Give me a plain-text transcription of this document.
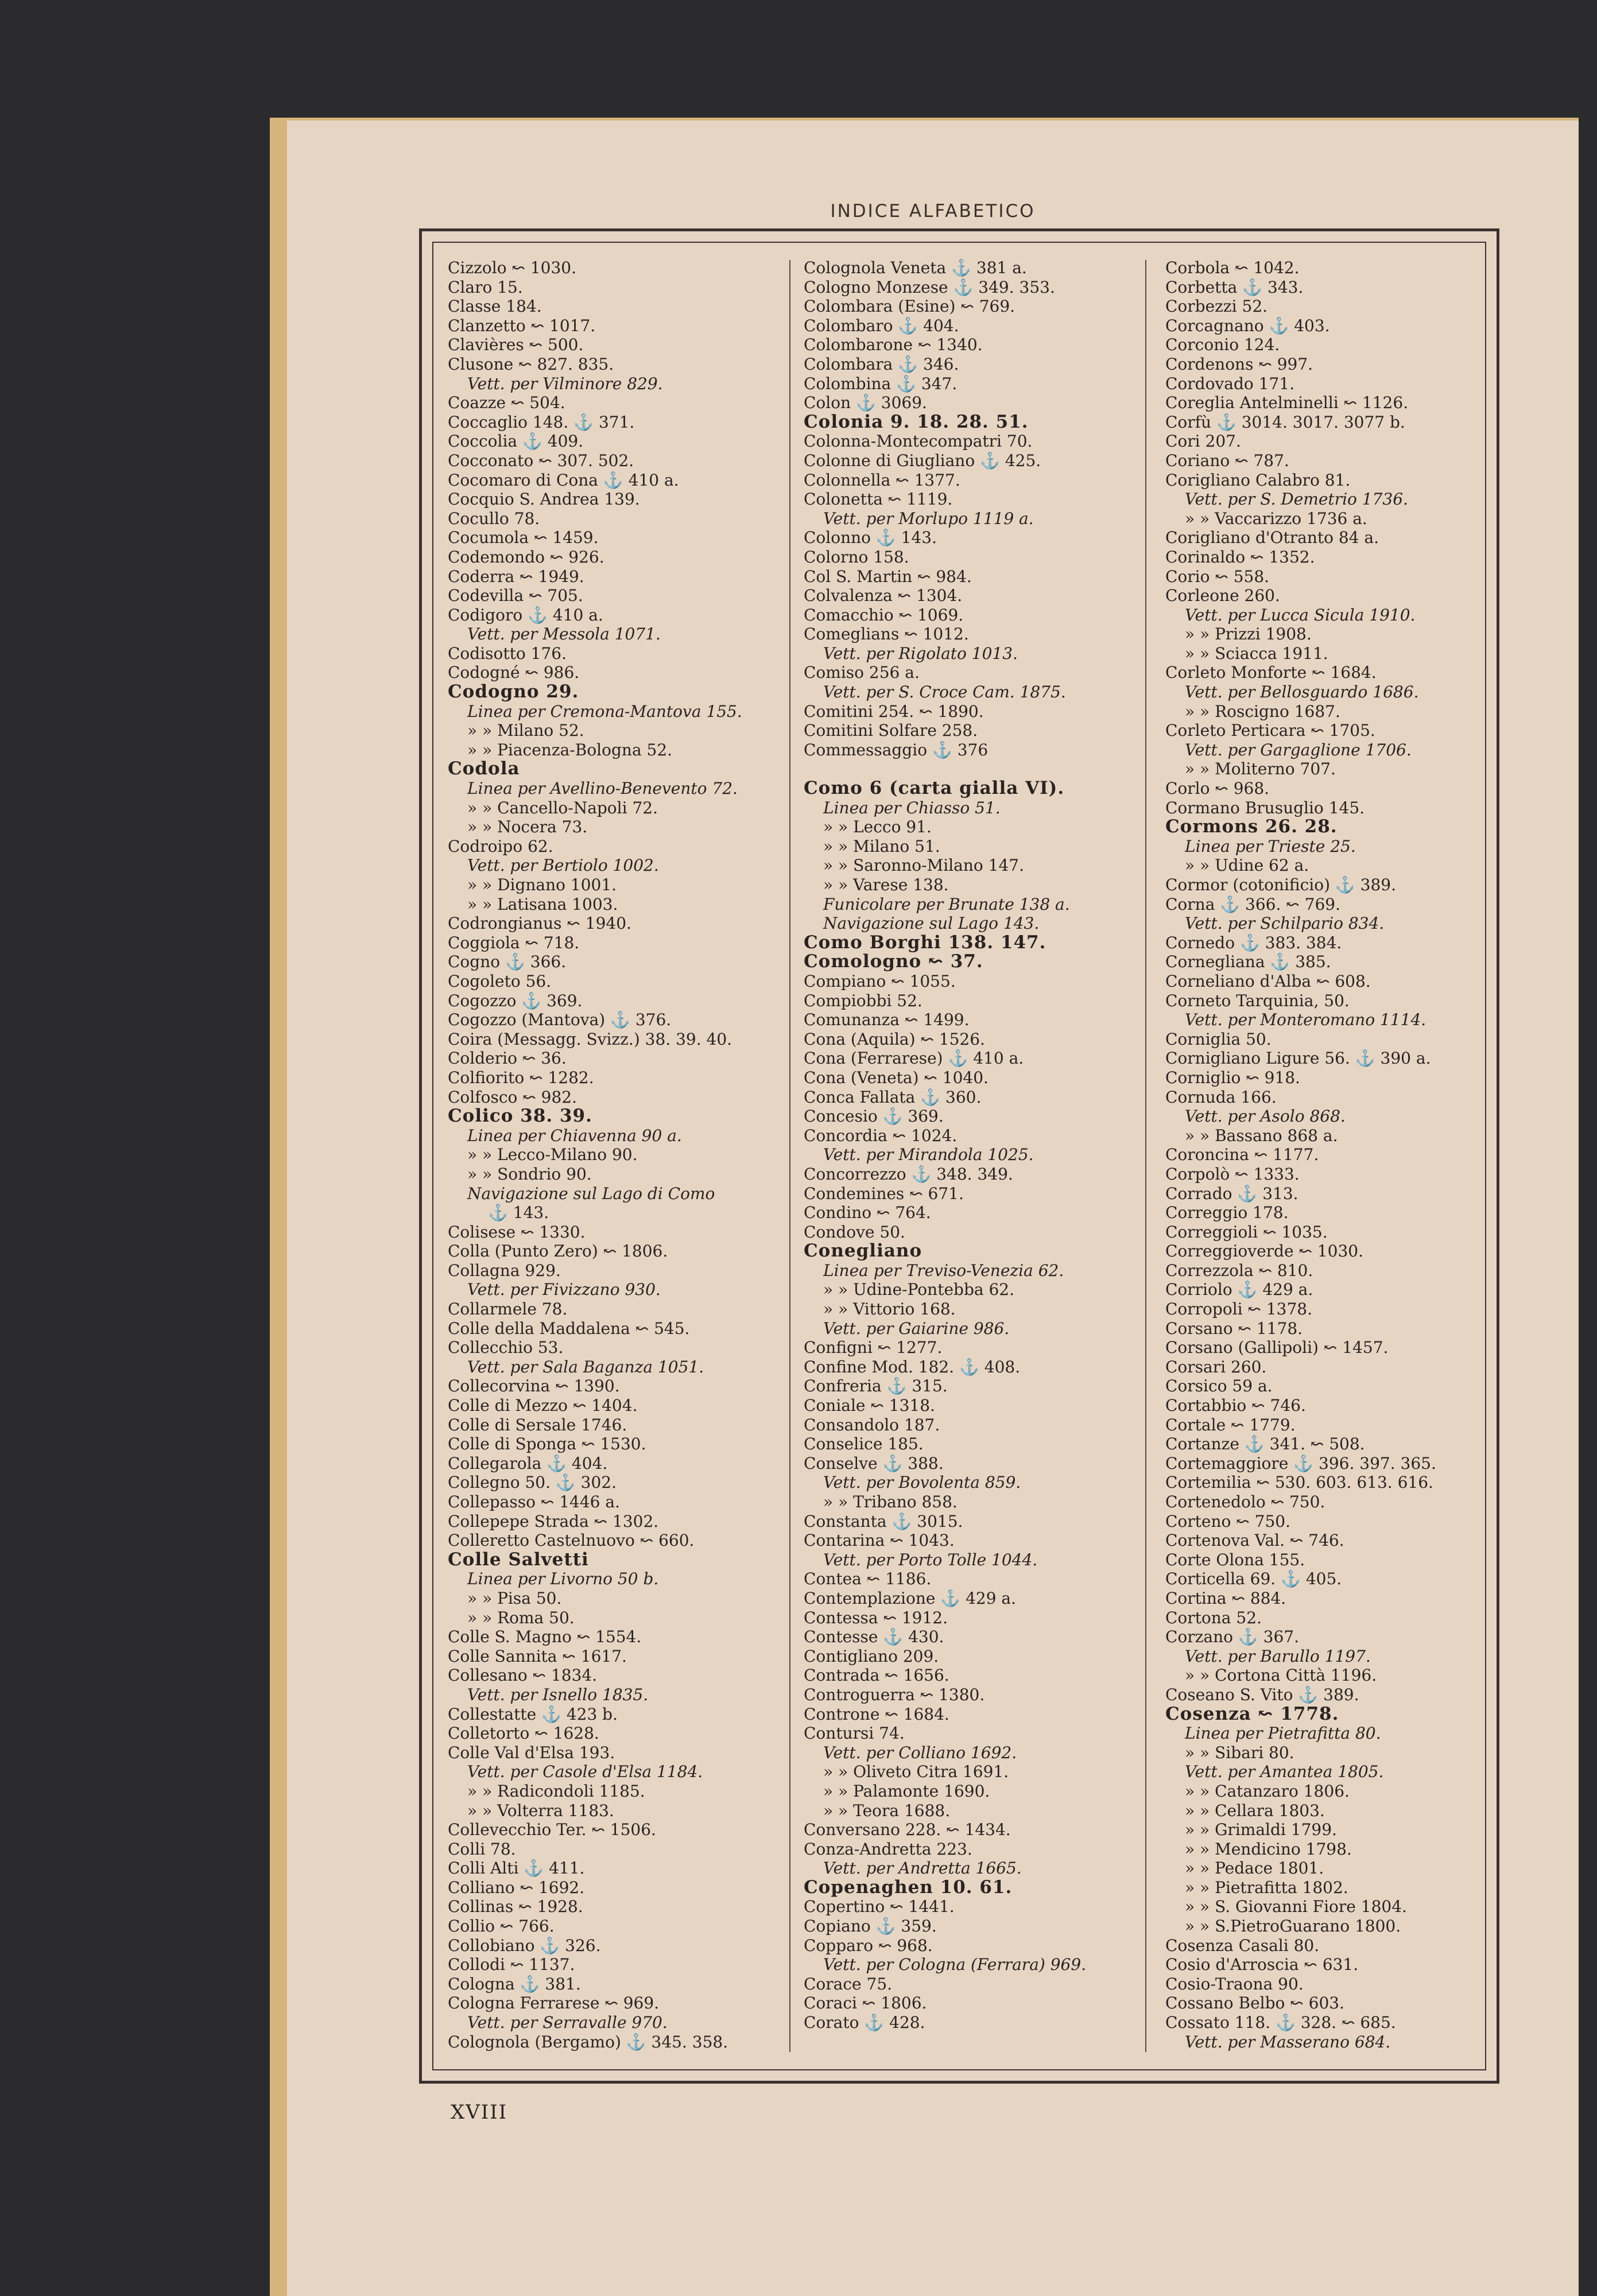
INDICE ALFABETICO
Cizzolo ↜ 1030.
Claro 15.
Classe 184.
Clanzetto ↜ 1017.
Clavières ↜ 500.
Clusone ↜ 827. 835.
Vett. per Vilminore 829.
Coazze ↜ 504.
Coccaglio 148. ⚓ 371.
Coccolia ⚓ 409.
Cocconato ↜ 307. 502.
Cocomaro di Cona ⚓ 410 a.
Cocquio S. Andrea 139.
Cocullo 78.
Cocumola ↜ 1459.
Codemondo ↜ 926.
Coderra ↜ 1949.
Codevilla ↜ 705.
Codigoro ⚓ 410 a.
Vett. per Messola 1071.
Codisotto 176.
Codogné ↜ 986.
Codogno 29.
Linea per Cremona-Mantova 155.
» » Milano 52.
» » Piacenza-Bologna 52.
Codola
Linea per Avellino-Benevento 72.
» » Cancello-Napoli 72.
» » Nocera 73.
Codroipo 62.
Vett. per Bertiolo 1002.
» » Dignano 1001.
» » Latisana 1003.
Codrongianus ↜ 1940.
Coggiola ↜ 718.
Cogno ⚓ 366.
Cogoleto 56.
Cogozzo ⚓ 369.
Cogozzo (Mantova) ⚓ 376.
Coira (Messagg. Svizz.) 38. 39. 40.
Colderio ↜ 36.
Colfiorito ↜ 1282.
Colfosco ↜ 982.
Colico 38. 39.
Linea per Chiavenna 90 a.
» » Lecco-Milano 90.
» » Sondrio 90.
Navigazione sul Lago di Como
⚓ 143.
Colisese ↜ 1330.
Colla (Punto Zero) ↜ 1806.
Collagna 929.
Vett. per Fivizzano 930.
Collarmele 78.
Colle della Maddalena ↜ 545.
Collecchio 53.
Vett. per Sala Baganza 1051.
Collecorvina ↜ 1390.
Colle di Mezzo ↜ 1404.
Colle di Sersale 1746.
Colle di Sponga ↜ 1530.
Collegarola ⚓ 404.
Collegno 50. ⚓ 302.
Collepasso ↜ 1446 a.
Collepepe Strada ↜ 1302.
Colleretto Castelnuovo ↜ 660.
Colle Salvetti
Linea per Livorno 50 b.
» » Pisa 50.
» » Roma 50.
Colle S. Magno ↜ 1554.
Colle Sannita ↜ 1617.
Collesano ↜ 1834.
Vett. per Isnello 1835.
Collestatte ⚓ 423 b.
Colletorto ↜ 1628.
Colle Val d'Elsa 193.
Vett. per Casole d'Elsa 1184.
» » Radicondoli 1185.
» » Volterra 1183.
Collevecchio Ter. ↜ 1506.
Colli 78.
Colli Alti ⚓ 411.
Colliano ↜ 1692.
Collinas ↜ 1928.
Collio ↜ 766.
Collobiano ⚓ 326.
Collodi ↜ 1137.
Cologna ⚓ 381.
Cologna Ferrarese ↜ 969.
Vett. per Serravalle 970.
Colognola (Bergamo) ⚓ 345. 358.
Colognola Veneta ⚓ 381 a.
Cologno Monzese ⚓ 349. 353.
Colombara (Esine) ↜ 769.
Colombaro ⚓ 404.
Colombarone ↜ 1340.
Colombara ⚓ 346.
Colombina ⚓ 347.
Colon ⚓ 3069.
Colonia 9. 18. 28. 51.
Colonna-Montecompatri 70.
Colonne di Giugliano ⚓ 425.
Colonnella ↜ 1377.
Colonetta ↜ 1119.
Vett. per Morlupo 1119 a.
Colonno ⚓ 143.
Colorno 158.
Col S. Martin ↜ 984.
Colvalenza ↜ 1304.
Comacchio ↜ 1069.
Comeglians ↜ 1012.
Vett. per Rigolato 1013.
Comiso 256 a.
Vett. per S. Croce Cam. 1875.
Comitini 254. ↜ 1890.
Comitini Solfare 258.
Commessaggio ⚓ 376
Como 6 (carta gialla VI).
Linea per Chiasso 51.
» » Lecco 91.
» » Milano 51.
» » Saronno-Milano 147.
» » Varese 138.
Funicolare per Brunate 138 a.
Navigazione sul Lago 143.
Como Borghi 138. 147.
Comologno ↜ 37.
Compiano ↜ 1055.
Compiobbi 52.
Comunanza ↜ 1499.
Cona (Aquila) ↜ 1526.
Cona (Ferrarese) ⚓ 410 a.
Cona (Veneta) ↜ 1040.
Conca Fallata ⚓ 360.
Concesio ⚓ 369.
Concordia ↜ 1024.
Vett. per Mirandola 1025.
Concorrezzo ⚓ 348. 349.
Condemines ↜ 671.
Condino ↜ 764.
Condove 50.
Conegliano
Linea per Treviso-Venezia 62.
» » Udine-Pontebba 62.
» » Vittorio 168.
Vett. per Gaiarine 986.
Configni ↜ 1277.
Confine Mod. 182. ⚓ 408.
Confreria ⚓ 315.
Coniale ↜ 1318.
Consandolo 187.
Conselice 185.
Conselve ⚓ 388.
Vett. per Bovolenta 859.
» » Tribano 858.
Constanta ⚓ 3015.
Contarina ↜ 1043.
Vett. per Porto Tolle 1044.
Contea ↜ 1186.
Contemplazione ⚓ 429 a.
Contessa ↜ 1912.
Contesse ⚓ 430.
Contigliano 209.
Contrada ↜ 1656.
Controguerra ↜ 1380.
Controne ↜ 1684.
Contursi 74.
Vett. per Colliano 1692.
» » Oliveto Citra 1691.
» » Palamonte 1690.
» » Teora 1688.
Conversano 228. ↜ 1434.
Conza-Andretta 223.
Vett. per Andretta 1665.
Copenaghen 10. 61.
Copertino ↜ 1441.
Copiano ⚓ 359.
Copparo ↜ 968.
Vett. per Cologna (Ferrara) 969.
Corace 75.
Coraci ↜ 1806.
Corato ⚓ 428.
Corbola ↜ 1042.
Corbetta ⚓ 343.
Corbezzi 52.
Corcagnano ⚓ 403.
Corconio 124.
Cordenons ↜ 997.
Cordovado 171.
Coreglia Antelminelli ↜ 1126.
Corfù ⚓ 3014. 3017. 3077 b.
Cori 207.
Coriano ↜ 787.
Corigliano Calabro 81.
Vett. per S. Demetrio 1736.
» » Vaccarizzo 1736 a.
Corigliano d'Otranto 84 a.
Corinaldo ↜ 1352.
Corio ↜ 558.
Corleone 260.
Vett. per Lucca Sicula 1910.
» » Prizzi 1908.
» » Sciacca 1911.
Corleto Monforte ↜ 1684.
Vett. per Bellosguardo 1686.
» » Roscigno 1687.
Corleto Perticara ↜ 1705.
Vett. per Gargaglione 1706.
» » Moliterno 707.
Corlo ↜ 968.
Cormano Brusuglio 145.
Cormons 26. 28.
Linea per Trieste 25.
» » Udine 62 a.
Cormor (cotonificio) ⚓ 389.
Corna ⚓ 366. ↜ 769.
Vett. per Schilpario 834.
Cornedo ⚓ 383. 384.
Cornegliana ⚓ 385.
Corneliano d'Alba ↜ 608.
Corneto Tarquinia, 50.
Vett. per Monteromano 1114.
Corniglia 50.
Cornigliano Ligure 56. ⚓ 390 a.
Corniglio ↜ 918.
Cornuda 166.
Vett. per Asolo 868.
» » Bassano 868 a.
Coroncina ↜ 1177.
Corpolò ↜ 1333.
Corrado ⚓ 313.
Correggio 178.
Correggioli ↜ 1035.
Correggioverde ↜ 1030.
Correzzola ↜ 810.
Corriolo ⚓ 429 a.
Corropoli ↜ 1378.
Corsano ↜ 1178.
Corsano (Gallipoli) ↜ 1457.
Corsari 260.
Corsico 59 a.
Cortabbio ↜ 746.
Cortale ↜ 1779.
Cortanze ⚓ 341. ↜ 508.
Cortemaggiore ⚓ 396. 397. 365.
Cortemilia ↜ 530. 603. 613. 616.
Cortenedolo ↜ 750.
Corteno ↜ 750.
Cortenova Val. ↜ 746.
Corte Olona 155.
Corticella 69. ⚓ 405.
Cortina ↜ 884.
Cortona 52.
Corzano ⚓ 367.
Vett. per Barullo 1197.
» » Cortona Città 1196.
Coseano S. Vito ⚓ 389.
Cosenza ↜ 1778.
Linea per Pietrafitta 80.
» » Sibari 80.
Vett. per Amantea 1805.
» » Catanzaro 1806.
» » Cellara 1803.
» » Grimaldi 1799.
» » Mendicino 1798.
» » Pedace 1801.
» » Pietrafitta 1802.
» » S. Giovanni Fiore 1804.
» » S.PietroGuarano 1800.
Cosenza Casali 80.
Cosio d'Arroscia ↜ 631.
Cosio-Traona 90.
Cossano Belbo ↜ 603.
Cossato 118. ⚓ 328. ↜ 685.
Vett. per Masserano 684.
XVIII
